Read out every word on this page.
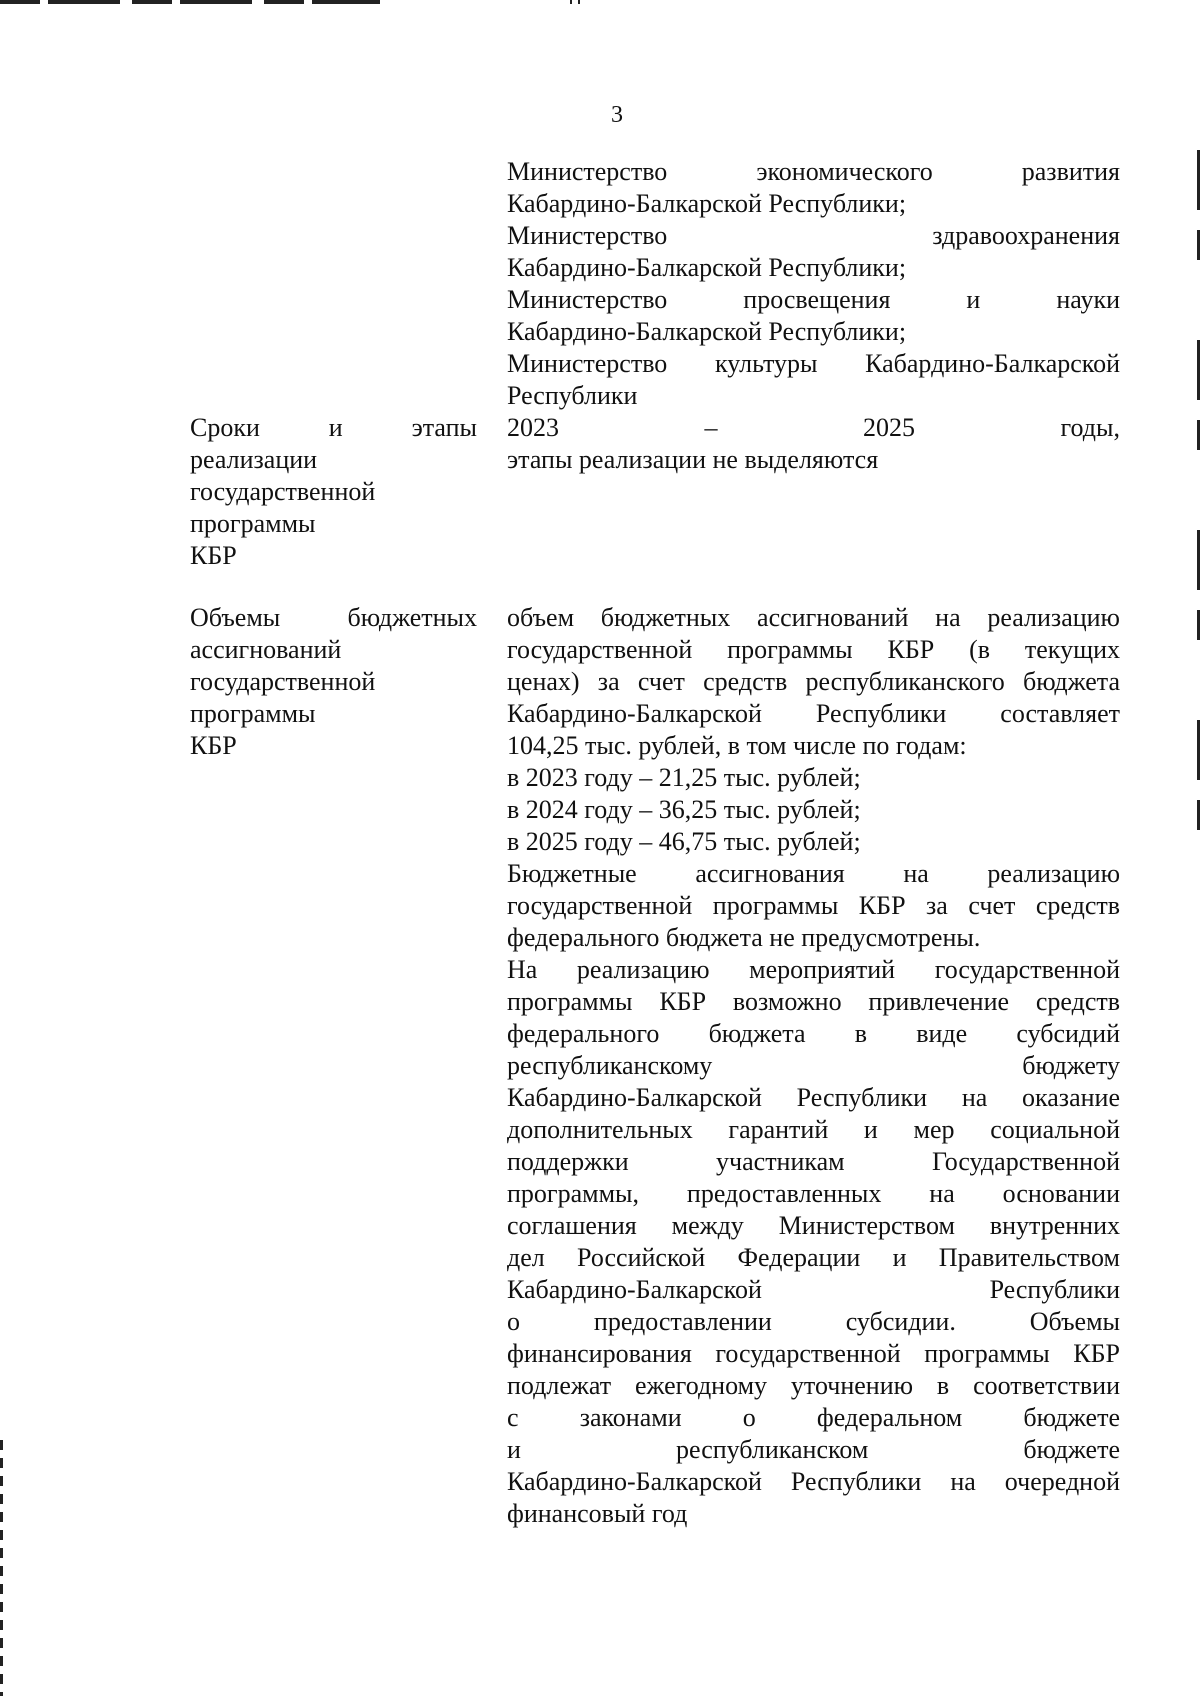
3
Министерство экономического развития
Кабардино-Балкарской Республики;
Министерство здравоохранения
Кабардино-Балкарской Республики;
Министерство просвещения и науки
Кабардино-Балкарской Республики;
Министерство культуры Кабардино-Балкарской
Республики
Сроки и этапы
реализации
государственной
программы
КБР
2023 – 2025 годы,
этапы реализации не выделяются
Объемы бюджетных
ассигнований
государственной
программы
КБР
объем бюджетных ассигнований на реализацию
государственной программы КБР (в текущих
ценах) за счет средств республиканского бюджета
Кабардино-Балкарской Республики составляет
104,25 тыс. рублей, в том числе по годам:
в 2023 году – 21,25 тыс. рублей;
в 2024 году – 36,25 тыс. рублей;
в 2025 году – 46,75 тыс. рублей;
Бюджетные ассигнования на реализацию
государственной программы КБР за счет средств
федерального бюджета не предусмотрены.
На реализацию мероприятий государственной
программы КБР возможно привлечение средств
федерального бюджета в виде субсидий
республиканскому бюджету
Кабардино-Балкарской Республики на оказание
дополнительных гарантий и мер социальной
поддержки участникам Государственной
программы, предоставленных на основании
соглашения между Министерством внутренних
дел Российской Федерации и Правительством
Кабардино-Балкарской Республики
о предоставлении субсидии. Объемы
финансирования государственной программы КБР
подлежат ежегодному уточнению в соответствии
с законами о федеральном бюджете
и республиканском бюджете
Кабардино-Балкарской Республики на очередной
финансовый год
